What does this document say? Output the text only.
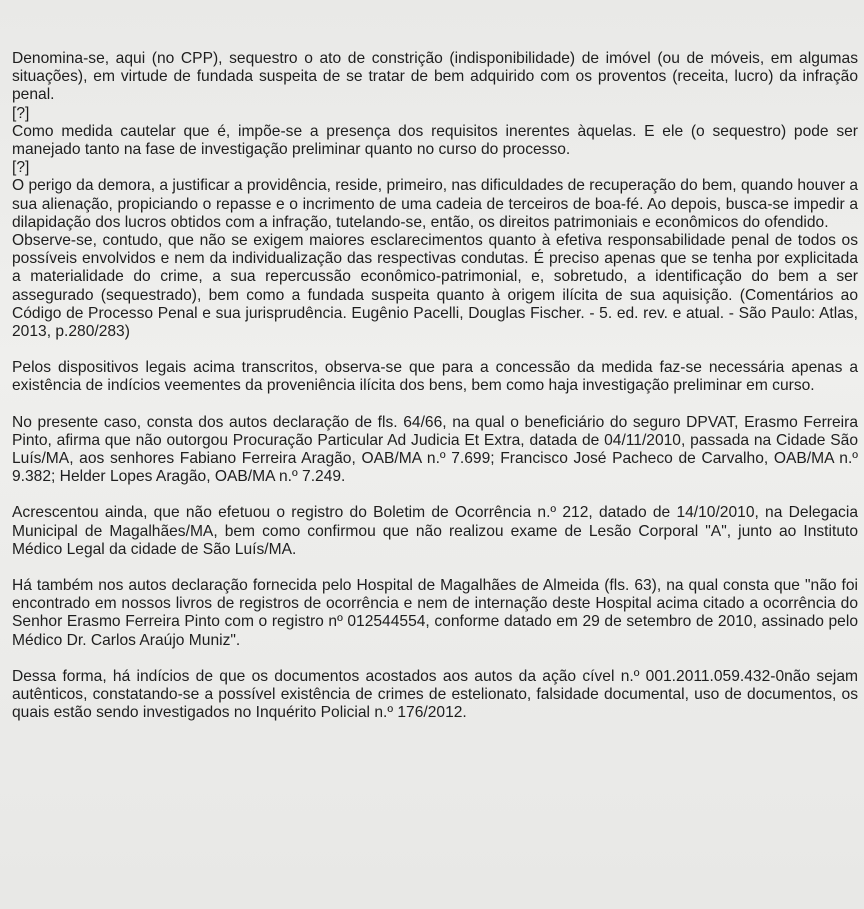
Denomina-se, aqui (no CPP), sequestro o ato de constrição (indisponibilidade) de imóvel (ou de móveis, em algumas situações), em virtude de fundada suspeita de se tratar de bem adquirido com os proventos (receita, lucro) da infração penal.

[?]

Como medida cautelar que é, impõe-se a presença dos requisitos inerentes àquelas. E ele (o sequestro) pode ser manejado tanto na fase de investigação preliminar quanto no curso do processo.

[?]

O perigo da demora, a justificar a providência, reside, primeiro, nas dificuldades de recuperação do bem, quando houver a sua alienação, propiciando o repasse e o incrimento de uma cadeia de terceiros de boa-fé. Ao depois, busca-se impedir a dilapidação dos lucros obtidos com a infração, tutelando-se, então, os direitos patrimoniais e econômicos do ofendido.

Observe-se, contudo, que não se exigem maiores esclarecimentos quanto à efetiva responsabilidade penal de todos os possíveis envolvidos e nem da individualização das respectivas condutas. É preciso apenas que se tenha por explicitada a materialidade do crime, a sua repercussão econômico-patrimonial, e, sobretudo, a identificação do bem a ser assegurado (sequestrado), bem como a fundada suspeita quanto à origem ilícita de sua aquisição. (Comentários ao Código de Processo Penal e sua jurisprudência. Eugênio Pacelli, Douglas Fischer. - 5. ed. rev. e atual. - São Paulo: Atlas, 2013, p.280/283)

Pelos dispositivos legais acima transcritos, observa-se que para a concessão da medida faz-se necessária apenas a existência de indícios veementes da proveniência ilícita dos bens, bem como haja investigação preliminar em curso.

No presente caso, consta dos autos declaração de fls. 64/66, na qual o beneficiário do seguro DPVAT, Erasmo Ferreira Pinto, afirma que não outorgou Procuração Particular Ad Judicia Et Extra, datada de 04/11/2010, passada na Cidade São Luís/MA, aos senhores Fabiano Ferreira Aragão, OAB/MA n.º 7.699; Francisco José Pacheco de Carvalho, OAB/MA n.º 9.382; Helder Lopes Aragão, OAB/MA n.º 7.249.

Acrescentou ainda, que não efetuou o registro do Boletim de Ocorrência n.º 212, datado de 14/10/2010, na Delegacia Municipal de Magalhães/MA, bem como confirmou que não realizou exame de Lesão Corporal "A", junto ao Instituto Médico Legal da cidade de São Luís/MA.

Há também nos autos declaração fornecida pelo Hospital de Magalhães de Almeida (fls. 63), na qual consta que "não foi encontrado em nossos livros de registros de ocorrência e nem de internação deste Hospital acima citado a ocorrência do Senhor Erasmo Ferreira Pinto com o registro nº 012544554, conforme datado em 29 de setembro de 2010, assinado pelo Médico Dr. Carlos Araújo Muniz".

Dessa forma, há indícios de que os documentos acostados aos autos da ação cível n.º 001.2011.059.432-0não sejam autênticos, constatando-se a possível existência de crimes de estelionato, falsidade documental, uso de documentos, os quais estão sendo investigados no Inquérito Policial n.º 176/2012.
